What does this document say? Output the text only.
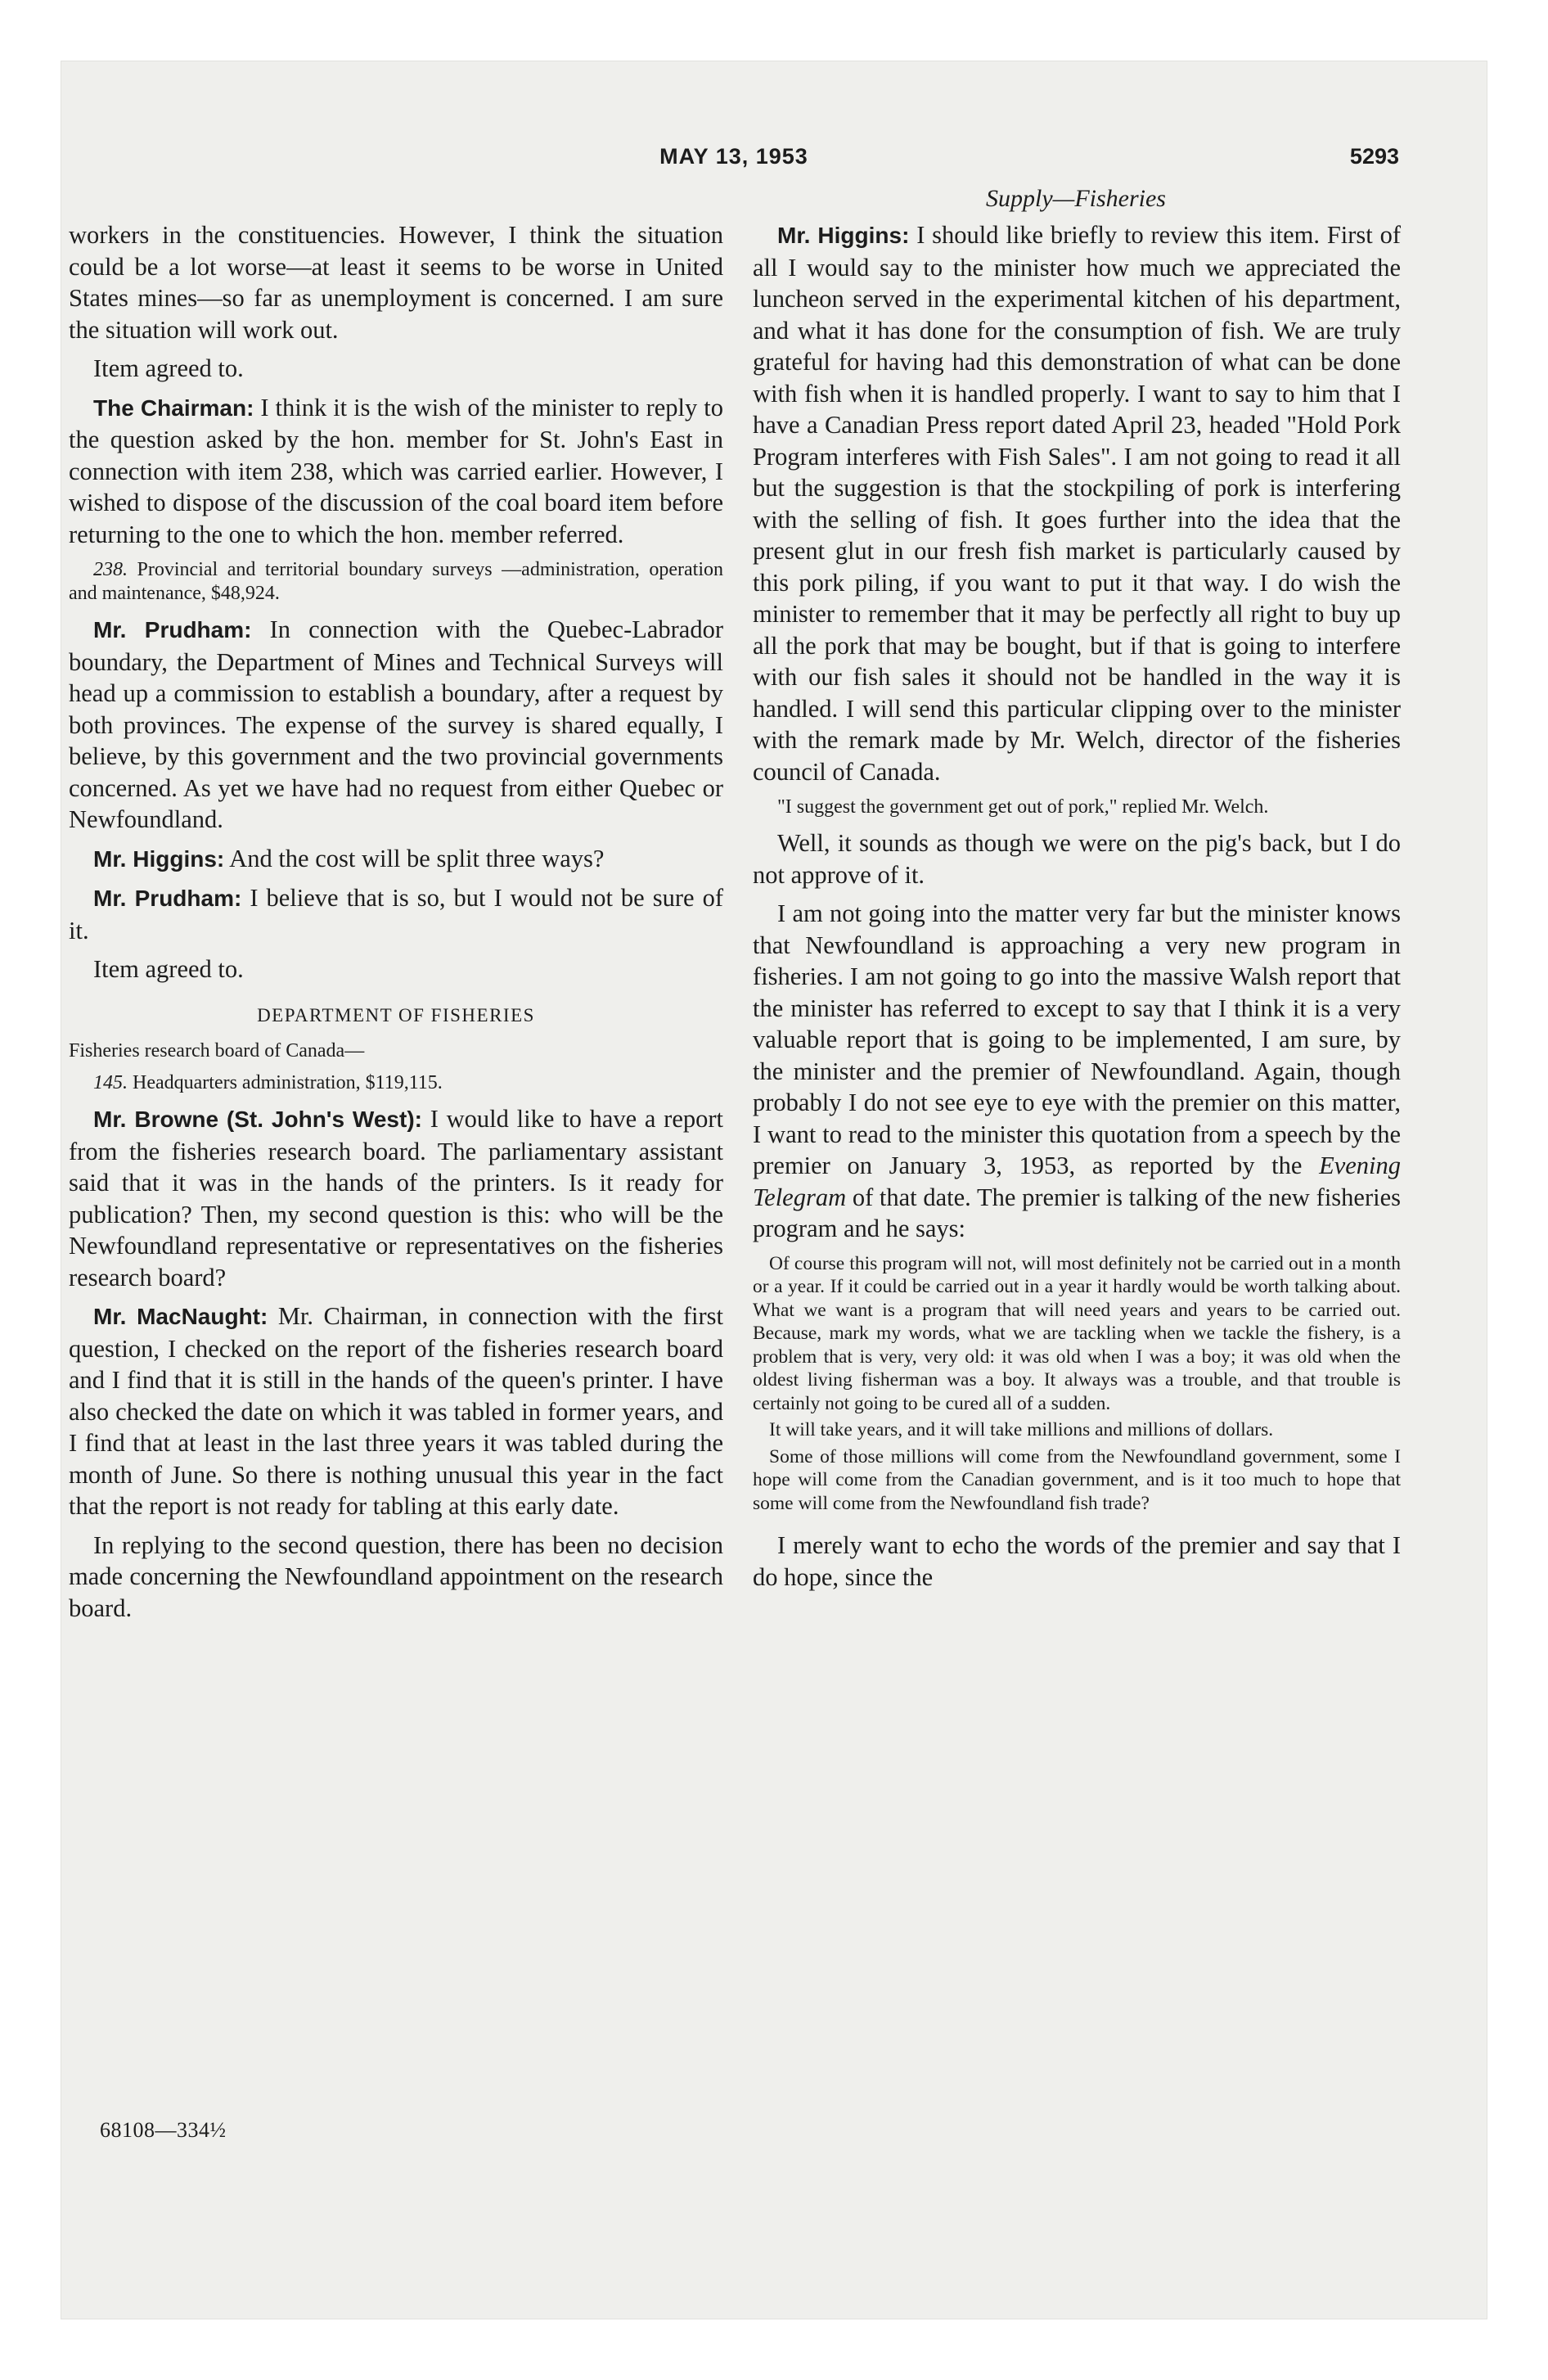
MAY 13, 1953	5293
Supply—Fisheries

workers in the constituencies. However, I think the situation could be a lot worse—at least it seems to be worse in United States mines—so far as unemployment is concerned. I am sure the situation will work out.

Item agreed to.

The Chairman: I think it is the wish of the minister to reply to the question asked by the hon. member for St. John's East in connection with item 238, which was carried earlier. However, I wished to dispose of the discussion of the coal board item before returning to the one to which the hon. member referred.

238. Provincial and territorial boundary surveys —administration, operation and maintenance, $48,924.

Mr. Prudham: In connection with the Quebec-Labrador boundary, the Department of Mines and Technical Surveys will head up a commission to establish a boundary, after a request by both provinces. The expense of the survey is shared equally, I believe, by this government and the two provincial governments concerned. As yet we have had no request from either Quebec or Newfoundland.

Mr. Higgins: And the cost will be split three ways?

Mr. Prudham: I believe that is so, but I would not be sure of it.

Item agreed to.

DEPARTMENT OF FISHERIES

Fisheries research board of Canada—

145. Headquarters administration, $119,115.

Mr. Browne (St. John's West): I would like to have a report from the fisheries research board. The parliamentary assistant said that it was in the hands of the printers. Is it ready for publication? Then, my second question is this: who will be the Newfoundland representative or representatives on the fisheries research board?

Mr. MacNaught: Mr. Chairman, in connection with the first question, I checked on the report of the fisheries research board and I find that it is still in the hands of the queen's printer. I have also checked the date on which it was tabled in former years, and I find that at least in the last three years it was tabled during the month of June. So there is nothing unusual this year in the fact that the report is not ready for tabling at this early date.

In replying to the second question, there has been no decision made concerning the Newfoundland appointment on the research board.

Mr. Higgins: I should like briefly to review this item. First of all I would say to the minister how much we appreciated the luncheon served in the experimental kitchen of his department, and what it has done for the consumption of fish. We are truly grateful for having had this demonstration of what can be done with fish when it is handled properly. I want to say to him that I have a Canadian Press report dated April 23, headed "Hold Pork Program interferes with Fish Sales". I am not going to read it all but the suggestion is that the stockpiling of pork is interfering with the selling of fish. It goes further into the idea that the present glut in our fresh fish market is particularly caused by this pork piling, if you want to put it that way. I do wish the minister to remember that it may be perfectly all right to buy up all the pork that may be bought, but if that is going to interfere with our fish sales it should not be handled in the way it is handled. I will send this particular clipping over to the minister with the remark made by Mr. Welch, director of the fisheries council of Canada.

"I suggest the government get out of pork," replied Mr. Welch.

Well, it sounds as though we were on the pig's back, but I do not approve of it.

I am not going into the matter very far but the minister knows that Newfoundland is approaching a very new program in fisheries. I am not going to go into the massive Walsh report that the minister has referred to except to say that I think it is a very valuable report that is going to be implemented, I am sure, by the minister and the premier of Newfoundland. Again, though probably I do not see eye to eye with the premier on this matter, I want to read to the minister this quotation from a speech by the premier on January 3, 1953, as reported by the Evening Telegram of that date. The premier is talking of the new fisheries program and he says:

Of course this program will not, will most definitely not be carried out in a month or a year. If it could be carried out in a year it hardly would be worth talking about. What we want is a program that will need years and years to be carried out. Because, mark my words, what we are tackling when we tackle the fishery, is a problem that is very, very old: it was old when I was a boy; it was old when the oldest living fisherman was a boy. It always was a trouble, and that trouble is certainly not going to be cured all of a sudden.

It will take years, and it will take millions and millions of dollars.

Some of those millions will come from the Newfoundland government, some I hope will come from the Canadian government, and is it too much to hope that some will come from the Newfoundland fish trade?

I merely want to echo the words of the premier and say that I do hope, since the

68108—334½
